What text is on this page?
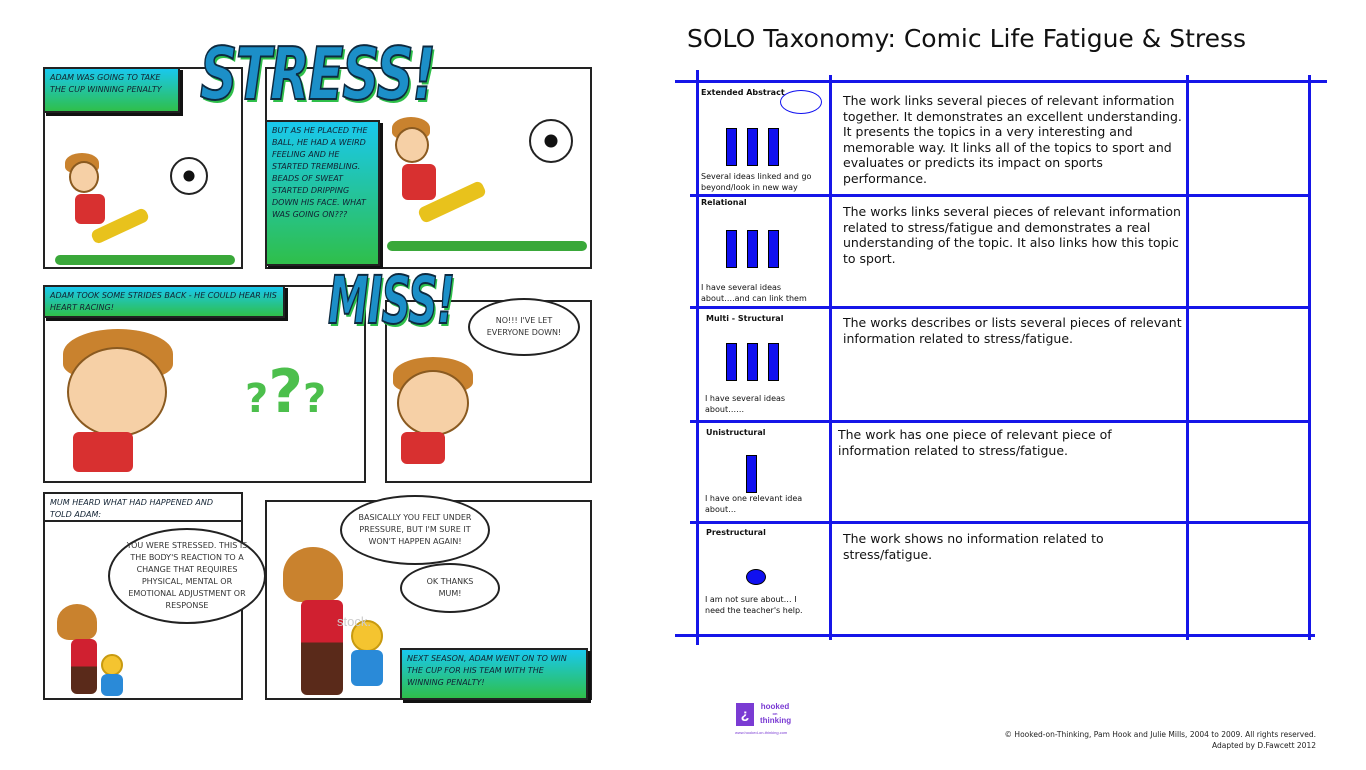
ADAM WAS GOING TO TAKE THE CUP WINNING PENALTY
BUT AS HE PLACED THE BALL, HE HAD A WEIRD FEELING AND HE STARTED TREMBLING. BEADS OF SWEAT STARTED DRIPPING DOWN HIS FACE. WHAT WAS GOING ON???
???
ADAM TOOK SOME STRIDES BACK - HE COULD HEAR HIS HEART RACING!
NO!!! I'VE LET EVERYONE DOWN!
STRESS!
MISS!
MUM HEARD WHAT HAD HAPPENED AND TOLD ADAM:
YOU WERE STRESSED. THIS IS THE BODY'S REACTION TO A CHANGE THAT REQUIRES PHYSICAL, MENTAL OR EMOTIONAL ADJUSTMENT OR RESPONSE
stock.
BASICALLY YOU FELT UNDER PRESSURE, BUT I'M SURE IT WON'T HAPPEN AGAIN!
OK THANKS MUM!
NEXT SEASON, ADAM WENT ON TO WIN THE CUP FOR HIS TEAM WITH THE WINNING PENALTY!
SOLO Taxonomy: Comic Life Fatigue & Stress
Extended Abstract
Several ideas linked and go beyond/look in new way
The work links several pieces of relevant information together. It demonstrates an excellent understanding. It presents the topics in a very interesting and memorable way. It links all of the topics to sport and evaluates or predicts its impact on sports performance.
Relational
I have several ideas about….and can link them
The works links several pieces of relevant information related to stress/fatigue and demonstrates a real understanding of the topic. It also links how this topic to sport.
Multi - Structural
I have several ideas about……
The works describes or lists several pieces of relevant information related to stress/fatigue.
Unistructural
I have one relevant idea about…
The work has one piece of relevant piece of information related to stress/fatigue.
Prestructural
I am not sure about… I need the teacher's help.
The work shows no information related to stress/fatigue.
¿	hooked
on
thinking
www.hooked-on-thinking.com	© Hooked-on-Thinking, Pam Hook and Julie Mills, 2004 to 2009. All rights reserved.
Adapted by D.Fawcett 2012
